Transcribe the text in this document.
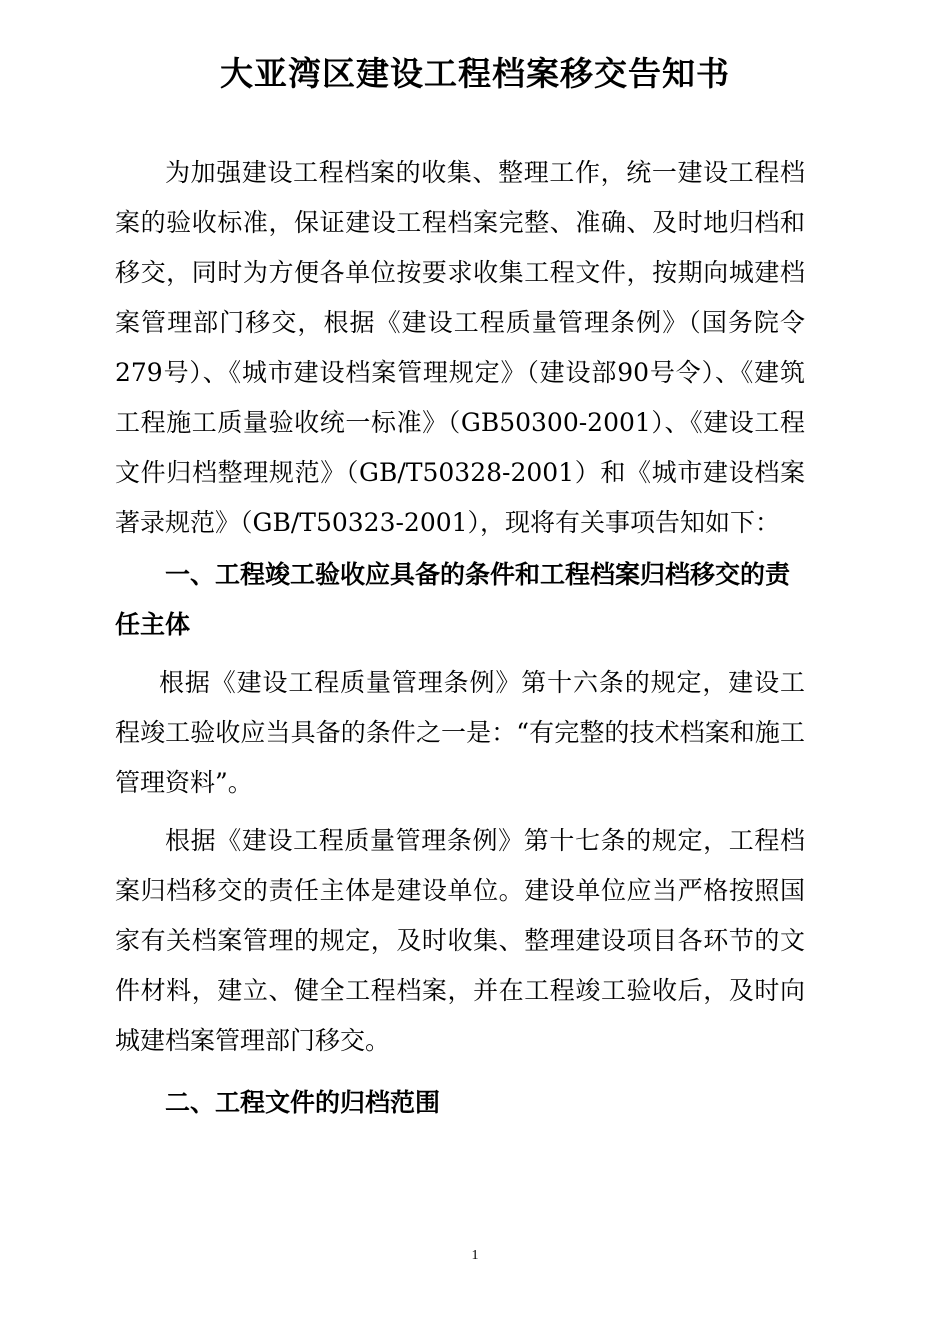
大亚湾区建设工程档案移交告知书

为加强建设工程档案的收集、整理工作，统一建设工程档案的验收标准，保证建设工程档案完整、准确、及时地归档和移交，同时为方便各单位按要求收集工程文件，按期向城建档案管理部门移交，根据《建设工程质量管理条例》（国务院令279号）、《城市建设档案管理规定》（建设部90号令）、《建筑工程施工质量验收统一标准》（GB50300-2001）、《建设工程文件归档整理规范》（GB/T50328-2001）和《城市建设档案著录规范》（GB/T50323-2001），现将有关事项告知如下：

一、工程竣工验收应具备的条件和工程档案归档移交的责任主体

根据《建设工程质量管理条例》第十六条的规定，建设工程竣工验收应当具备的条件之一是：“有完整的技术档案和施工管理资料”。

根据《建设工程质量管理条例》第十七条的规定，工程档案归档移交的责任主体是建设单位。建设单位应当严格按照国家有关档案管理的规定，及时收集、整理建设项目各环节的文件材料，建立、健全工程档案，并在工程竣工验收后，及时向城建档案管理部门移交。

二、工程文件的归档范围

1
